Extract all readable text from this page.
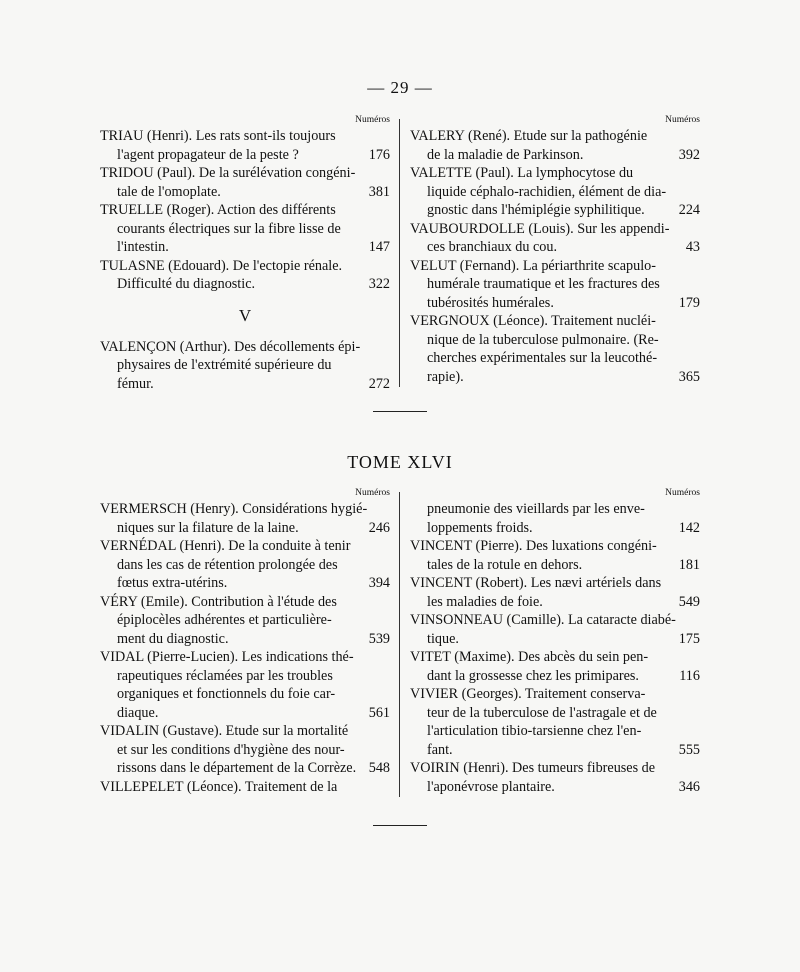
— 29 —
Numéros
TRIAU (Henri). Les rats sont-ils toujours
l'agent propagateur de la peste ?	176
TRIDOU (Paul). De la surélévation congéni-
tale de l'omoplate.	381
TRUELLE (Roger). Action des différents
courants électriques sur la fibre lisse de
l'intestin.	147
TULASNE (Edouard). De l'ectopie rénale.
Difficulté du diagnostic.	322
V
VALENÇON (Arthur). Des décollements épi-
physaires de l'extrémité supérieure du
fémur.	272
Numéros
VALERY (René). Etude sur la pathogénie
de la maladie de Parkinson.	392
VALETTE (Paul). La lymphocytose du
liquide céphalo-rachidien, élément de dia-
gnostic dans l'hémiplégie syphilitique. 224
VAUBOURDOLLE (Louis). Sur les appendi-
ces branchiaux du cou.	43
VELUT (Fernand). La périarthrite scapulo-
humérale traumatique et les fractures des
tubérosités humérales.	179
VERGNOUX (Léonce). Traitement nucléi-
nique de la tuberculose pulmonaire. (Re-
cherches expérimentales sur la leucothé-
rapie).	365
TOME XLVI
Numéros
VERMERSCH (Henry). Considérations hygié-
niques sur la filature de la laine.	246
VERNÉDAL (Henri). De la conduite à tenir
dans les cas de rétention prolongée des
fœtus extra-utérins.	394
VÉRY (Emile). Contribution à l'étude des
épiplocèles adhérentes et particulière-
ment du diagnostic.	539
VIDAL (Pierre-Lucien). Les indications thé-
rapeutiques réclamées par les troubles
organiques et fonctionnels du foie car-
diaque.	561
VIDALIN (Gustave). Etude sur la mortalité
et sur les conditions d'hygiène des nour-
rissons dans le département de la Corrèze. 548
VILLEPELET (Léonce). Traitement de la
Numéros
pneumonie des vieillards par les enve-
loppements froids.	142
VINCENT (Pierre). Des luxations congéni-
tales de la rotule en dehors.	181
VINCENT (Robert). Les nævi artériels dans
les maladies de foie.	549
VINSONNEAU (Camille). La cataracte diabé-
tique.	175
VITET (Maxime). Des abcès du sein pen-
dant la grossesse chez les primipares.	116
VIVIER (Georges). Traitement conserva-
teur de la tuberculose de l'astragale et de
l'articulation tibio-tarsienne chez l'en-
fant.	555
VOIRIN (Henri). Des tumeurs fibreuses de
l'aponévrose plantaire.	346
